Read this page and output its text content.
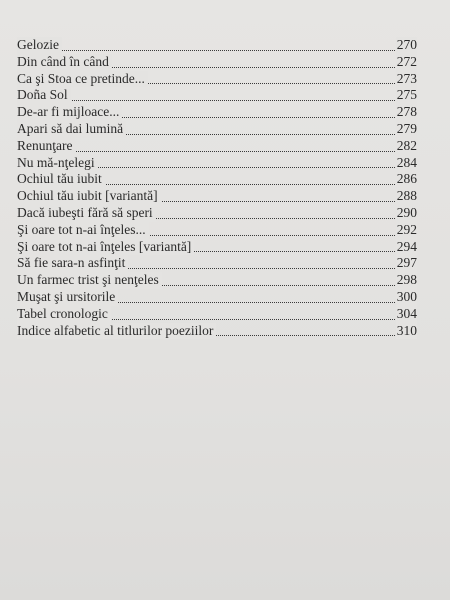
Gelozie	270
Din când în când	272
Ca şi Stoa ce pretinde...	273
Doña Sol	275
De-ar fi mijloace...	278
Apari să dai lumină	279
Renunţare	282
Nu mă-nţelegi	284
Ochiul tău iubit	286
Ochiul tău iubit [variantă]	288
Dacă iubeşti fără să speri	290
Şi oare tot n-ai înţeles...	292
Şi oare tot n-ai înţeles [variantă]	294
Să fie sara-n asfinţit	297
Un farmec trist şi nenţeles	298
Muşat şi ursitorile	300
Tabel cronologic	304
Indice alfabetic al titlurilor poeziilor	310
